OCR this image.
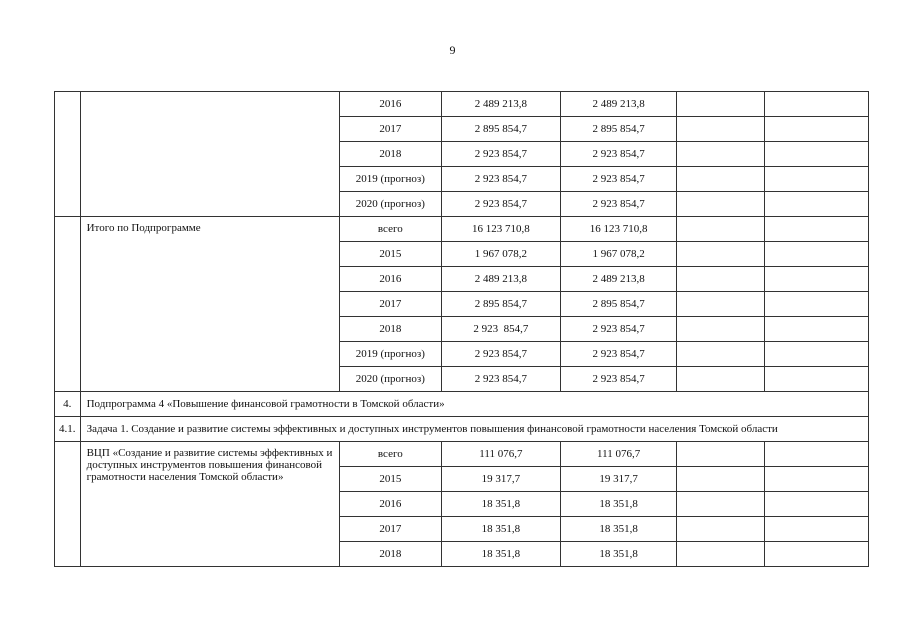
9
		2016	2 489 213,8	2 489 213,8		
		2017	2 895 854,7	2 895 854,7		
		2018	2 923 854,7	2 923 854,7		
		2019 (прогноз)	2 923 854,7	2 923 854,7		
		2020 (прогноз)	2 923 854,7	2 923 854,7		
	Итого по Подпрограмме	всего	16 123 710,8	16 123 710,8		
		2015	1 967 078,2	1 967 078,2		
		2016	2 489 213,8	2 489 213,8		
		2017	2 895 854,7	2 895 854,7		
		2018	2 923  854,7	2 923 854,7		
		2019 (прогноз)	2 923 854,7	2 923 854,7		
		2020 (прогноз)	2 923 854,7	2 923 854,7		
4.	Подпрограмма 4 «Повышение финансовой грамотности в Томской области»					
4.1.	Задача 1. Создание и развитие системы эффективных и доступных инструментов повышения финансовой грамотности населения Томской области					
	ВЦП «Создание и развитие системы эффективных и доступных инструментов повышения финансовой грамотности населения Томской области»	всего	111 076,7	111 076,7		
		2015	19 317,7	19 317,7		
		2016	18 351,8	18 351,8		
		2017	18 351,8	18 351,8		
		2018	18 351,8	18 351,8		
